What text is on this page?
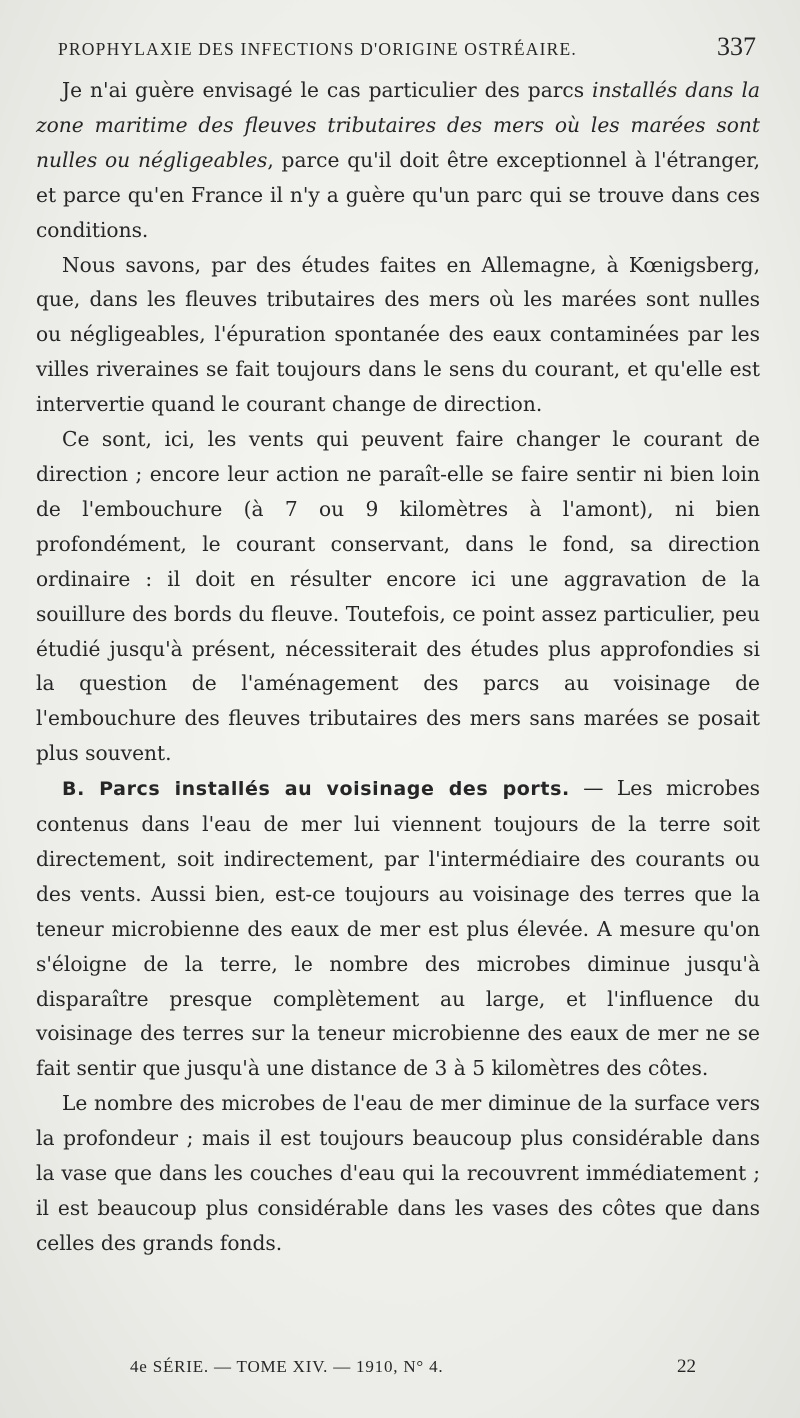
PROPHYLAXIE DES INFECTIONS D'ORIGINE OSTRÉAIRE.	337

Je n'ai guère envisagé le cas particulier des parcs installés dans la zone maritime des fleuves tributaires des mers où les marées sont nulles ou négligeables, parce qu'il doit être exceptionnel à l'étranger, et parce qu'en France il n'y a guère qu'un parc qui se trouve dans ces conditions.

Nous savons, par des études faites en Allemagne, à Kœnigsberg, que, dans les fleuves tributaires des mers où les marées sont nulles ou négligeables, l'épuration spontanée des eaux contaminées par les villes riveraines se fait toujours dans le sens du courant, et qu'elle est intervertie quand le courant change de direction.

Ce sont, ici, les vents qui peuvent faire changer le courant de direction ; encore leur action ne paraît-elle se faire sentir ni bien loin de l'embouchure (à 7 ou 9 kilomètres à l'amont), ni bien profondément, le courant conservant, dans le fond, sa direction ordinaire : il doit en résulter encore ici une aggravation de la souillure des bords du fleuve. Toutefois, ce point assez particulier, peu étudié jusqu'à présent, nécessiterait des études plus approfondies si la question de l'aménagement des parcs au voisinage de l'embouchure des fleuves tributaires des mers sans marées se posait plus souvent.

B. Parcs installés au voisinage des ports. — Les microbes contenus dans l'eau de mer lui viennent toujours de la terre soit directement, soit indirectement, par l'intermédiaire des courants ou des vents. Aussi bien, est-ce toujours au voisinage des terres que la teneur microbienne des eaux de mer est plus élevée. A mesure qu'on s'éloigne de la terre, le nombre des microbes diminue jusqu'à disparaître presque complètement au large, et l'influence du voisinage des terres sur la teneur microbienne des eaux de mer ne se fait sentir que jusqu'à une distance de 3 à 5 kilomètres des côtes.

Le nombre des microbes de l'eau de mer diminue de la surface vers la profondeur ; mais il est toujours beaucoup plus considérable dans la vase que dans les couches d'eau qui la recouvrent immédiatement ; il est beaucoup plus considérable dans les vases des côtes que dans celles des grands fonds.

4e SÉRIE. — TOME XIV. — 1910, N° 4.	22
